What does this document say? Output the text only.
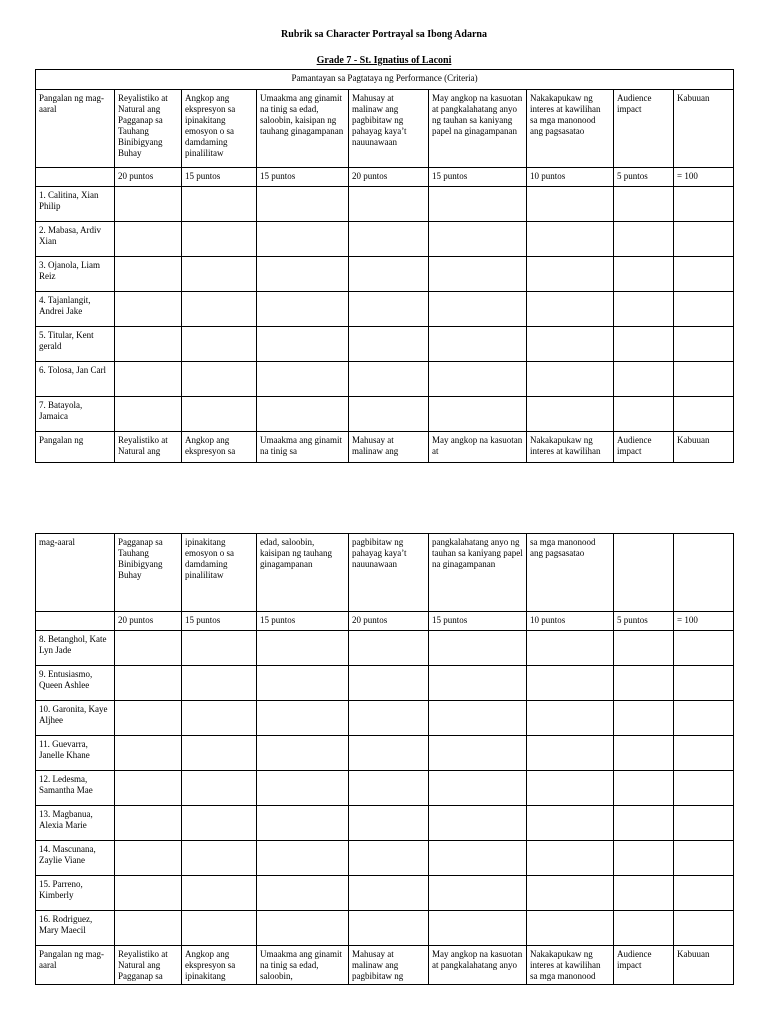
Rubrik sa Character Portrayal sa Ibong Adarna

Grade 7 - St. Ignatius of Laconi

Pamantayan sa Pagtataya ng Performance (Criteria)								
Pangalan ng mag-aaral	Reyalistiko at Natural ang Pagganap sa Tauhang Binibigyang Buhay	Angkop ang ekspresyon sa ipinakitang emosyon o sa damdaming pinalilitaw	Umaakma ang ginamit na tinig sa edad, saloobin, kaisipan ng tauhang ginagampanan	Mahusay at malinaw ang pagbibitaw ng pahayag kaya’t nauunawaan	May angkop na kasuotan at pangkalahatang anyo ng tauhan sa kaniyang papel na ginagampanan	Nakakapukaw ng interes at kawilihan sa mga manonood ang pagsasatao	Audience impact	Kabuuan
	20 puntos	15 puntos	15 puntos	20 puntos	15 puntos	10 puntos	5 puntos	= 100
1. Calitina, Xian Philip								
2. Mabasa, Ardiv Xian								
3. Ojanola, Liam Reiz								
4. Tajanlangit, Andrei Jake								
5. Titular, Kent gerald								
6. Tolosa, Jan Carl								
7. Batayola, Jamaica								
Pangalan ng	Reyalistiko at Natural ang	Angkop ang ekspresyon sa	Umaakma ang ginamit na tinig sa	Mahusay at malinaw ang	May angkop na kasuotan at	Nakakapukaw ng interes at kawilihan	Audience impact	Kabuuan
mag-aaral	Pagganap sa Tauhang Binibigyang Buhay	ipinakitang emosyon o sa damdaming pinalilitaw	edad, saloobin, kaisipan ng tauhang ginagampanan	pagbibitaw ng pahayag kaya’t nauunawaan	pangkalahatang anyo ng tauhan sa kaniyang papel na ginagampanan	sa mga manonood ang pagsasatao		
	20 puntos	15 puntos	15 puntos	20 puntos	15 puntos	10 puntos	5 puntos	= 100
8. Betanghol, Kate Lyn Jade								
9. Entusiasmo, Queen Ashlee								
10. Garonita, Kaye Aljhee								
11. Guevarra, Janelle Khane								
12. Ledesma, Samantha Mae								
13. Magbanua, Alexia Marie								
14. Mascunana, Zaylie Viane								
15. Parreno, Kimberly								
16. Rodriguez, Mary Maecil								
Pangalan ng mag-aaral	Reyalistiko at Natural ang Pagganap sa	Angkop ang ekspresyon sa ipinakitang	Umaakma ang ginamit na tinig sa edad, saloobin,	Mahusay at malinaw ang pagbibitaw ng	May angkop na kasuotan at pangkalahatang anyo	Nakakapukaw ng interes at kawilihan sa mga manonood	Audience impact	Kabuuan
